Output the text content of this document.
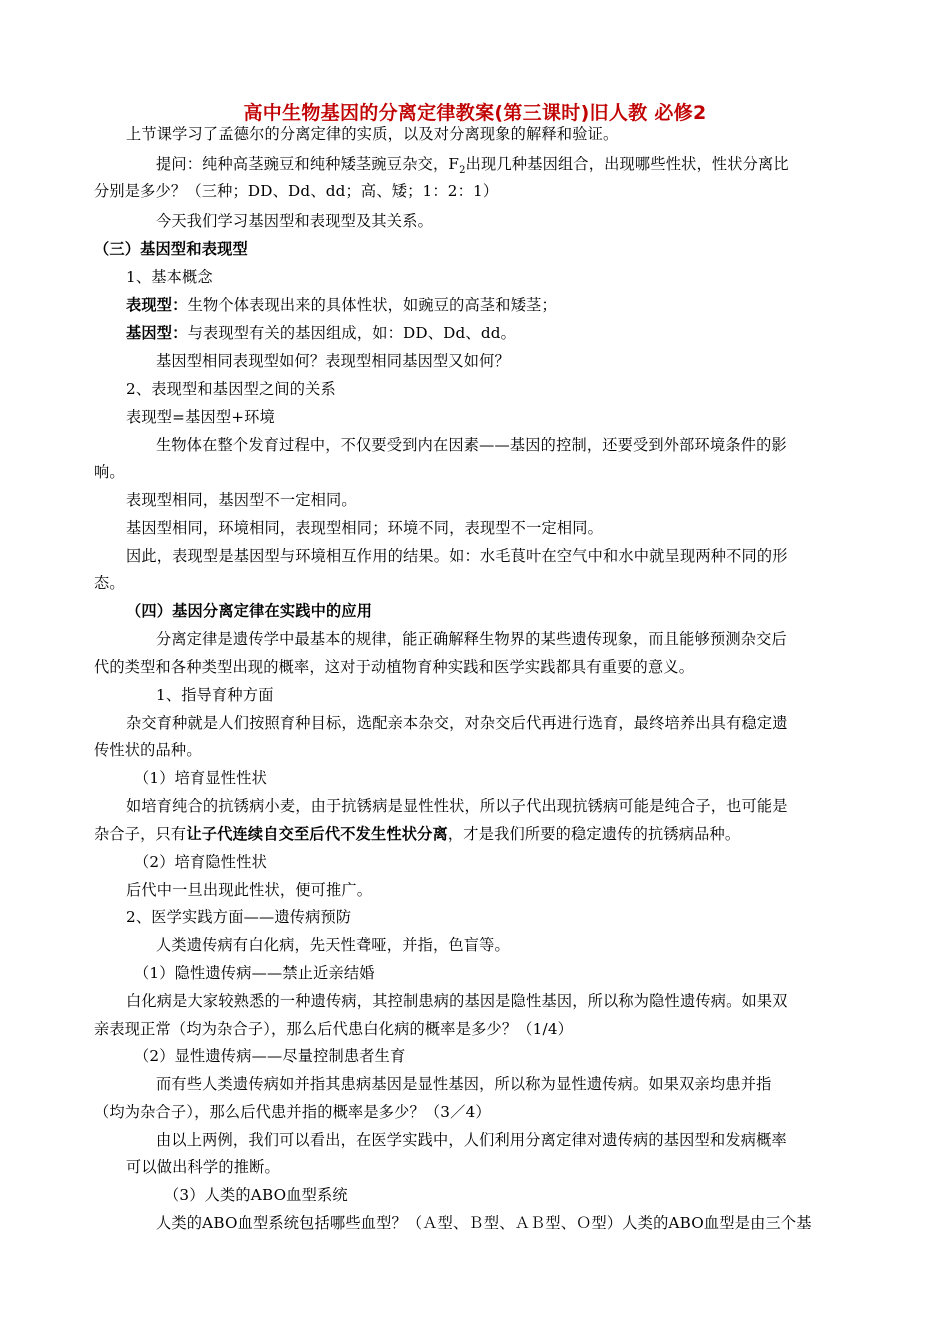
高中生物基因的分离定律教案(第三课时)旧人教 必修2
上节课学习了孟德尔的分离定律的实质，以及对分离现象的解释和验证。
提问：纯种高茎豌豆和纯种矮茎豌豆杂交，$F_2$出现几种基因组合，出现哪些性状，性状分离比
分别是多少？（三种；DD、Dd、dd；高、矮；1：2：1）
今天我们学习基因型和表现型及其关系。
（三）基因型和表现型
1、基本概念
表现型：生物个体表现出来的具体性状，如豌豆的高茎和矮茎；
基因型：与表现型有关的基因组成，如：DD、Dd、dd。
基因型相同表现型如何？表现型相同基因型又如何？
2、表现型和基因型之间的关系
表现型=基因型+环境
生物体在整个发育过程中，不仅要受到内在因素——基因的控制，还要受到外部环境条件的影
响。
表现型相同，基因型不一定相同。
基因型相同，环境相同，表现型相同；环境不同，表现型不一定相同。
因此，表现型是基因型与环境相互作用的结果。如：水毛茛叶在空气中和水中就呈现两种不同的形
态。
（四）基因分离定律在实践中的应用
分离定律是遗传学中最基本的规律，能正确解释生物界的某些遗传现象，而且能够预测杂交后
代的类型和各种类型出现的概率，这对于动植物育种实践和医学实践都具有重要的意义。
1、指导育种方面
杂交育种就是人们按照育种目标，选配亲本杂交，对杂交后代再进行选育，最终培养出具有稳定遗
传性状的品种。
（1）培育显性性状
如培育纯合的抗锈病小麦，由于抗锈病是显性性状，所以子代出现抗锈病可能是纯合子，也可能是
杂合子，只有让子代连续自交至后代不发生性状分离，才是我们所要的稳定遗传的抗锈病品种。
（2）培育隐性性状
后代中一旦出现此性状，便可推广。
2、医学实践方面——遗传病预防
人类遗传病有白化病，先天性聋哑，并指，色盲等。
（1）隐性遗传病——禁止近亲结婚
白化病是大家较熟悉的一种遗传病，其控制患病的基因是隐性基因，所以称为隐性遗传病。如果双
亲表现正常（均为杂合子），那么后代患白化病的概率是多少？（1/4）
（2）显性遗传病——尽量控制患者生育
而有些人类遗传病如并指其患病基因是显性基因，所以称为显性遗传病。如果双亲均患并指
（均为杂合子），那么后代患并指的概率是多少？（3／4）
由以上两例，我们可以看出，在医学实践中，人们利用分离定律对遗传病的基因型和发病概率
可以做出科学的推断。
（3）人类的ABO血型系统
人类的ABO血型系统包括哪些血型？（Ａ型、Ｂ型、ＡＢ型、Ｏ型）人类的ABO血型是由三个基
